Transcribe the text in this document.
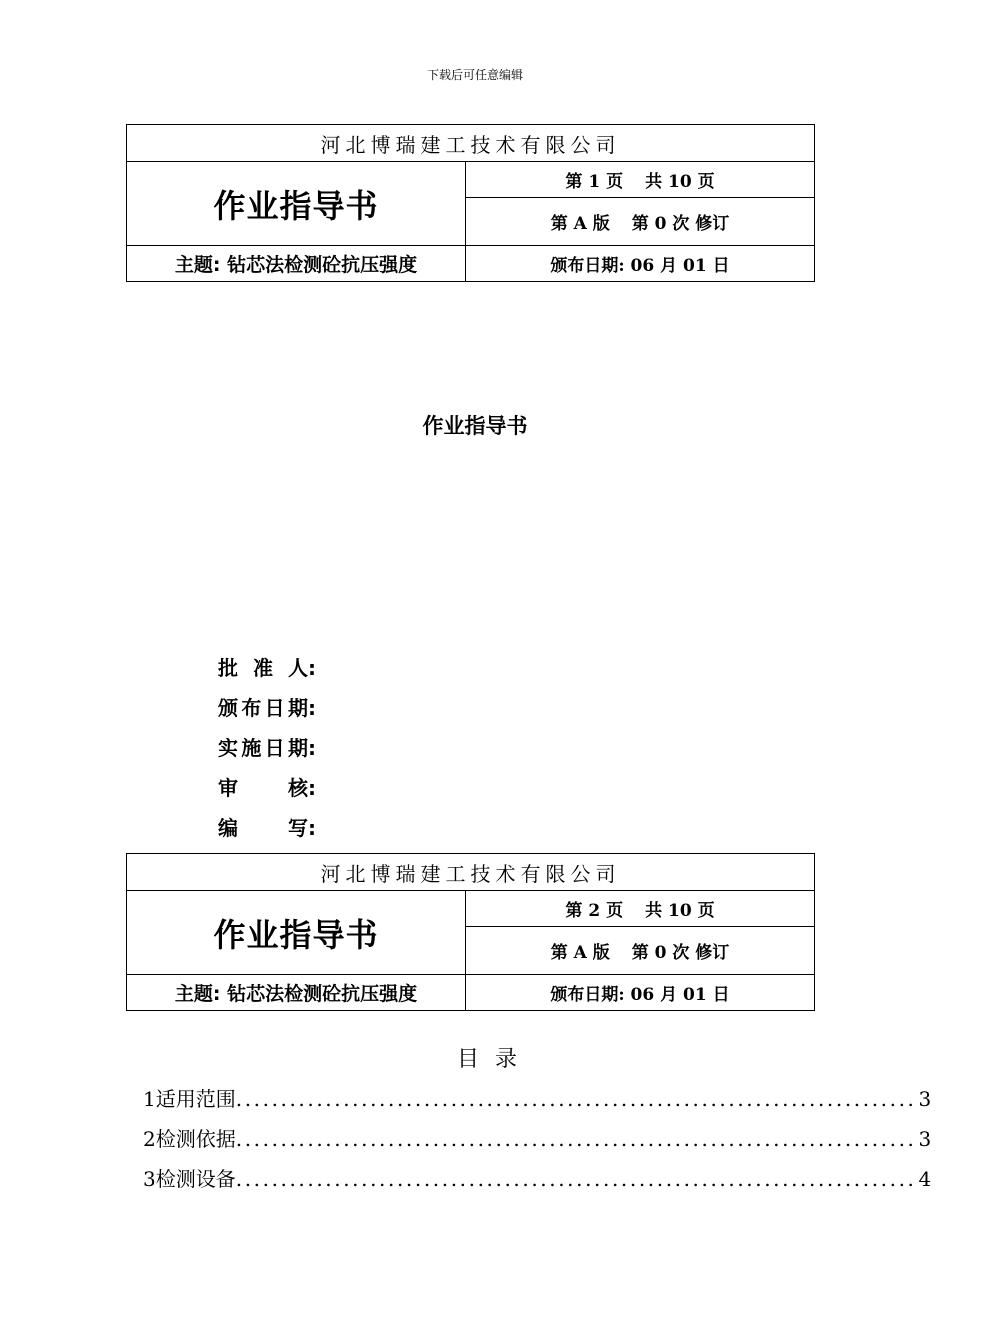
下载后可任意编辑
河北博瑞建工技术有限公司	
作业指导书	第 1 页 共 10 页
	第 A 版 第 0 次 修订
主题: 钻芯法检测砼抗压强度	颁布日期: 06 月 01 日
作业指导书
批准人:
颁布日期:
实施日期:
审核:
编写:
河北博瑞建工技术有限公司	
作业指导书	第 2 页 共 10 页
	第 A 版 第 0 次 修订
主题: 钻芯法检测砼抗压强度	颁布日期: 06 月 01 日
目录
1 适用范围 ............................................................................ 3
2 检测依据 ............................................................................ 3
3 检测设备 ............................................................................ 4
